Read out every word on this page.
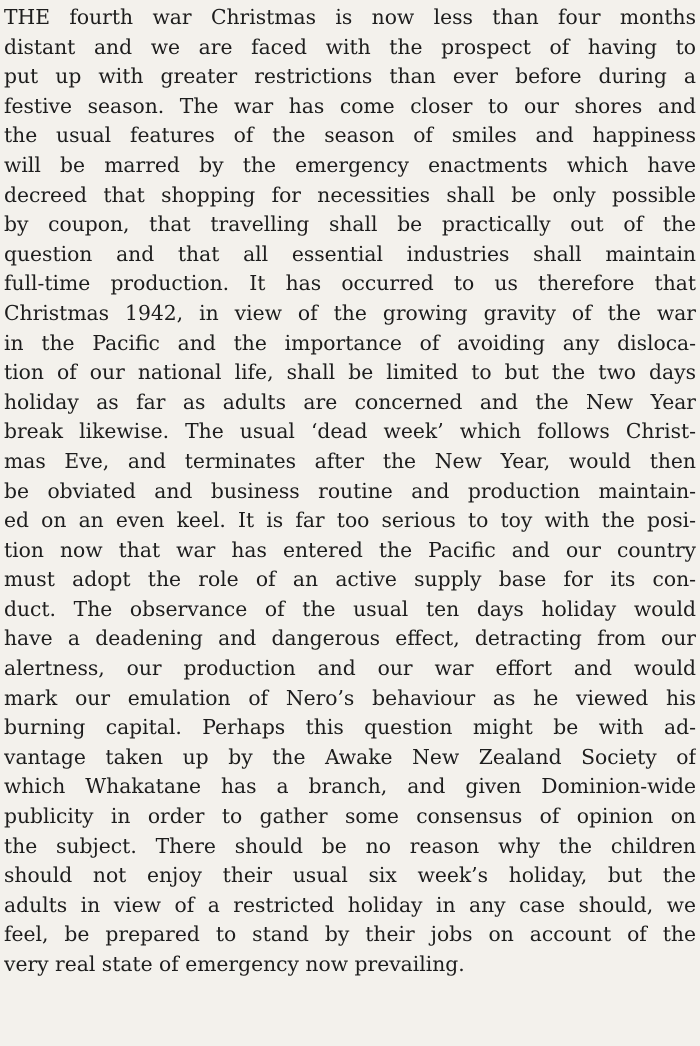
THE fourth war Christmas is now less than four months
distant and we are faced with the prospect of having to
put up with greater restrictions than ever before during a
festive season. The war has come closer to our shores and
the usual features of the season of smiles and happiness
will be marred by the emergency enactments which have
decreed that shopping for necessities shall be only possible
by coupon, that travelling shall be practically out of the
question and that all essential industries shall maintain
full-time production. It has occurred to us therefore that
Christmas 1942, in view of the growing gravity of the war
in the Pacific and the importance of avoiding any disloca-
tion of our national life, shall be limited to but the two days
holiday as far as adults are concerned and the New Year
break likewise. The usual ‘dead week’ which follows Christ-
mas Eve, and terminates after the New Year, would then
be obviated and business routine and production maintain-
ed on an even keel. It is far too serious to toy with the posi-
tion now that war has entered the Pacific and our country
must adopt the role of an active supply base for its con-
duct. The observance of the usual ten days holiday would
have a deadening and dangerous effect, detracting from our
alertness, our production and our war effort and would
mark our emulation of Nero’s behaviour as he viewed his
burning capital. Perhaps this question might be with ad-
vantage taken up by the Awake New Zealand Society of
which Whakatane has a branch, and given Dominion-wide
publicity in order to gather some consensus of opinion on
the subject. There should be no reason why the children
should not enjoy their usual six week’s holiday, but the
adults in view of a restricted holiday in any case should, we
feel, be prepared to stand by their jobs on account of the
very real state of emergency now prevailing.
